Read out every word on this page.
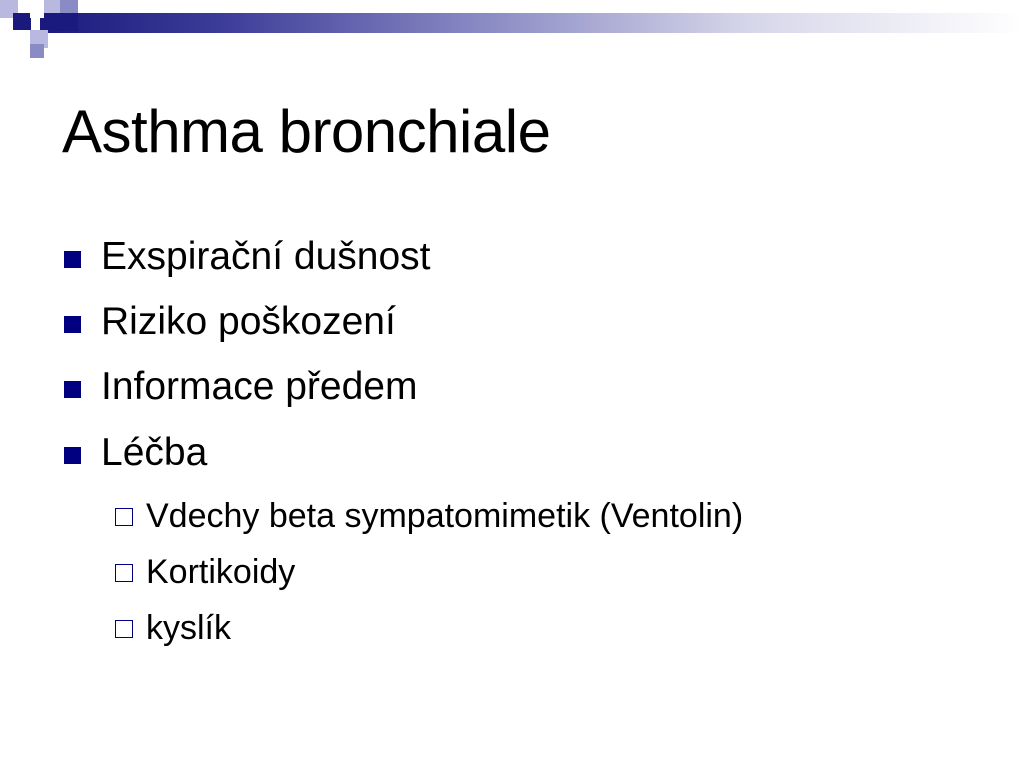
Asthma bronchiale
Exspirační dušnost
Riziko poškození
Informace předem
Léčba
Vdechy beta sympatomimetik (Ventolin)
Kortikoidy
kyslík
